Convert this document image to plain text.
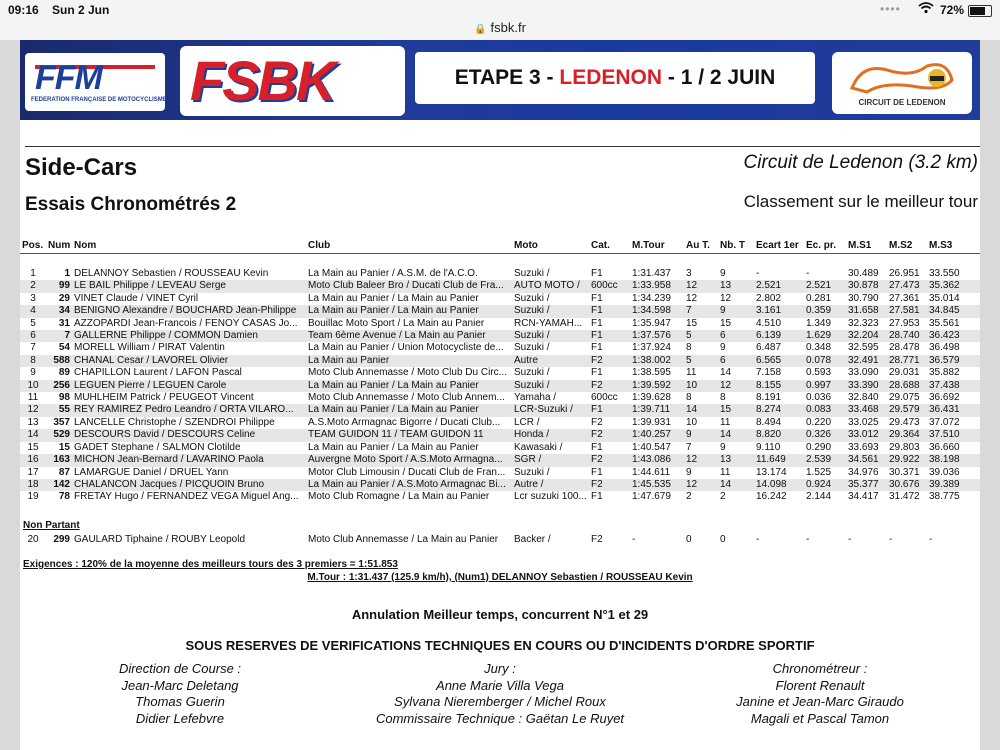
09:16 Sun 2 Jun	••••	72%
🔒 fsbk.fr
FFM
FEDERATION FRANÇAISE DE MOTOCYCLISME FSBK	ETAPE 3 - LEDENON - 1 / 2 JUIN
CIRCUIT DE LEDENON
Side-Cars
Essais Chronométrés 2
Circuit de Ledenon (3.2 km)
Classement sur le meilleur tour
Pos.	Num	Nom	Club	Moto	Cat.	M.Tour	Au T.	Nb. T	Ecart 1er	Ec. pr.	M.S1	M.S2	M.S3

1	1	DELANNOY Sebastien / ROUSSEAU Kevin	La Main au Panier / A.S.M. de l'A.C.O.	Suzuki /	F1	1:31.437	3	9	-	-	30.489	26.951	33.550
2	99	LE BAIL Philippe / LEVEAU Serge	Moto Club Baleer Bro / Ducati Club de Fra...	AUTO MOTO /	600cc	1:33.958	12	13	2.521	2.521	30.878	27.473	35.362
3	29	VINET Claude / VINET Cyril	La Main au Panier / La Main au Panier	Suzuki /	F1	1:34.239	12	12	2.802	0.281	30.790	27.361	35.014
4	34	BENIGNO Alexandre / BOUCHARD Jean-Philippe	La Main au Panier / La Main au Panier	Suzuki /	F1	1:34.598	7	9	3.161	0.359	31.658	27.581	34.845
5	31	AZZOPARDI Jean-Francois / FENOY CASAS Jo...	Bouillac Moto Sport / La Main au Panier	RCN-YAMAH...	F1	1:35.947	15	15	4.510	1.349	32.323	27.953	35.561
6	7	GALLERNE Philippe / COMMON Damien	Team 6ème Avenue / La Main au Panier	Suzuki /	F1	1:37.576	5	6	6.139	1.629	32.204	28.740	36.423
7	54	MORELL William / PIRAT Valentin	La Main au Panier / Union Motocycliste de...	Suzuki /	F1	1:37.924	8	9	6.487	0.348	32.595	28.478	36.498
8	588	CHANAL Cesar / LAVOREL Olivier	La Main au Panier	Autre	F2	1:38.002	5	6	6.565	0.078	32.491	28.771	36.579
9	89	CHAPILLON Laurent / LAFON Pascal	Moto Club Annemasse / Moto Club Du Circ...	Suzuki /	F1	1:38.595	11	14	7.158	0.593	33.090	29.031	35.882
10	256	LEGUEN Pierre / LEGUEN Carole	La Main au Panier / La Main au Panier	Suzuki /	F2	1:39.592	10	12	8.155	0.997	33.390	28.688	37.438
11	98	MUHLHEIM Patrick / PEUGEOT Vincent	Moto Club Annemasse / Moto Club Annem...	Yamaha /	600cc	1:39.628	8	8	8.191	0.036	32.840	29.075	36.692
12	55	REY RAMIREZ Pedro Leandro / ORTA VILARO...	La Main au Panier / La Main au Panier	LCR-Suzuki /	F1	1:39.711	14	15	8.274	0.083	33.468	29.579	36.431
13	357	LANCELLE Christophe / SZENDROI Philippe	A.S.Moto Armagnac Bigorre / Ducati Club...	LCR /	F2	1:39.931	10	11	8.494	0.220	33.025	29.473	37.072
14	529	DESCOURS David / DESCOURS Celine	TEAM GUIDON 11 / TEAM GUIDON 11	Honda /	F2	1:40.257	9	14	8.820	0.326	33.012	29.364	37.510
15	15	GADET Stephane / SALMON Clotilde	La Main au Panier / La Main au Panier	Kawasaki /	F1	1:40.547	7	9	9.110	0.290	33.693	29.803	36.660
16	163	MICHON Jean-Bernard / LAVARINO Paola	Auvergne Moto Sport / A.S.Moto Armagna...	SGR /	F2	1:43.086	12	13	11.649	2.539	34.561	29.922	38.198
17	87	LAMARGUE Daniel / DRUEL Yann	Motor Club Limousin / Ducati Club de Fran...	Suzuki /	F1	1:44.611	9	11	13.174	1.525	34.976	30.371	39.036
18	142	CHALANCON Jacques / PICQUOIN Bruno	La Main au Panier / A.S.Moto Armagnac Bi...	Autre /	F2	1:45.535	12	14	14.098	0.924	35.377	30.676	39.389
19	78	FRETAY Hugo / FERNANDEZ VEGA Miguel Ang...	Moto Club Romagne / La Main au Panier	Lcr suzuki 100...	F1	1:47.679	2	2	16.242	2.144	34.417	31.472	38.775
Non Partant
20	299	GAULARD Tiphaine / ROUBY Leopold	Moto Club Annemasse / La Main au Panier	Backer /	F2	-	0	0	-	-	-	-	-
Exigences : 120% de la moyenne des meilleurs tours des 3 premiers = 1:51.853
M.Tour : 1:31.437 (125.9 km/h), (Num1) DELANNOY Sebastien / ROUSSEAU Kevin
Annulation Meilleur temps, concurrent N°1 et 29
SOUS RESERVES DE VERIFICATIONS TECHNIQUES EN COURS OU D'INCIDENTS D'ORDRE SPORTIF
Direction de Course :
Jean-Marc Deletang
Thomas Guerin
Didier Lefebvre
Jury :
Anne Marie Villa Vega
Sylvana Nieremberger / Michel Roux
Commissaire Technique : Gaëtan Le Ruyet
Chronométreur :
Florent Renault
Janine et Jean-Marc Giraudo
Magali et Pascal Tamon
